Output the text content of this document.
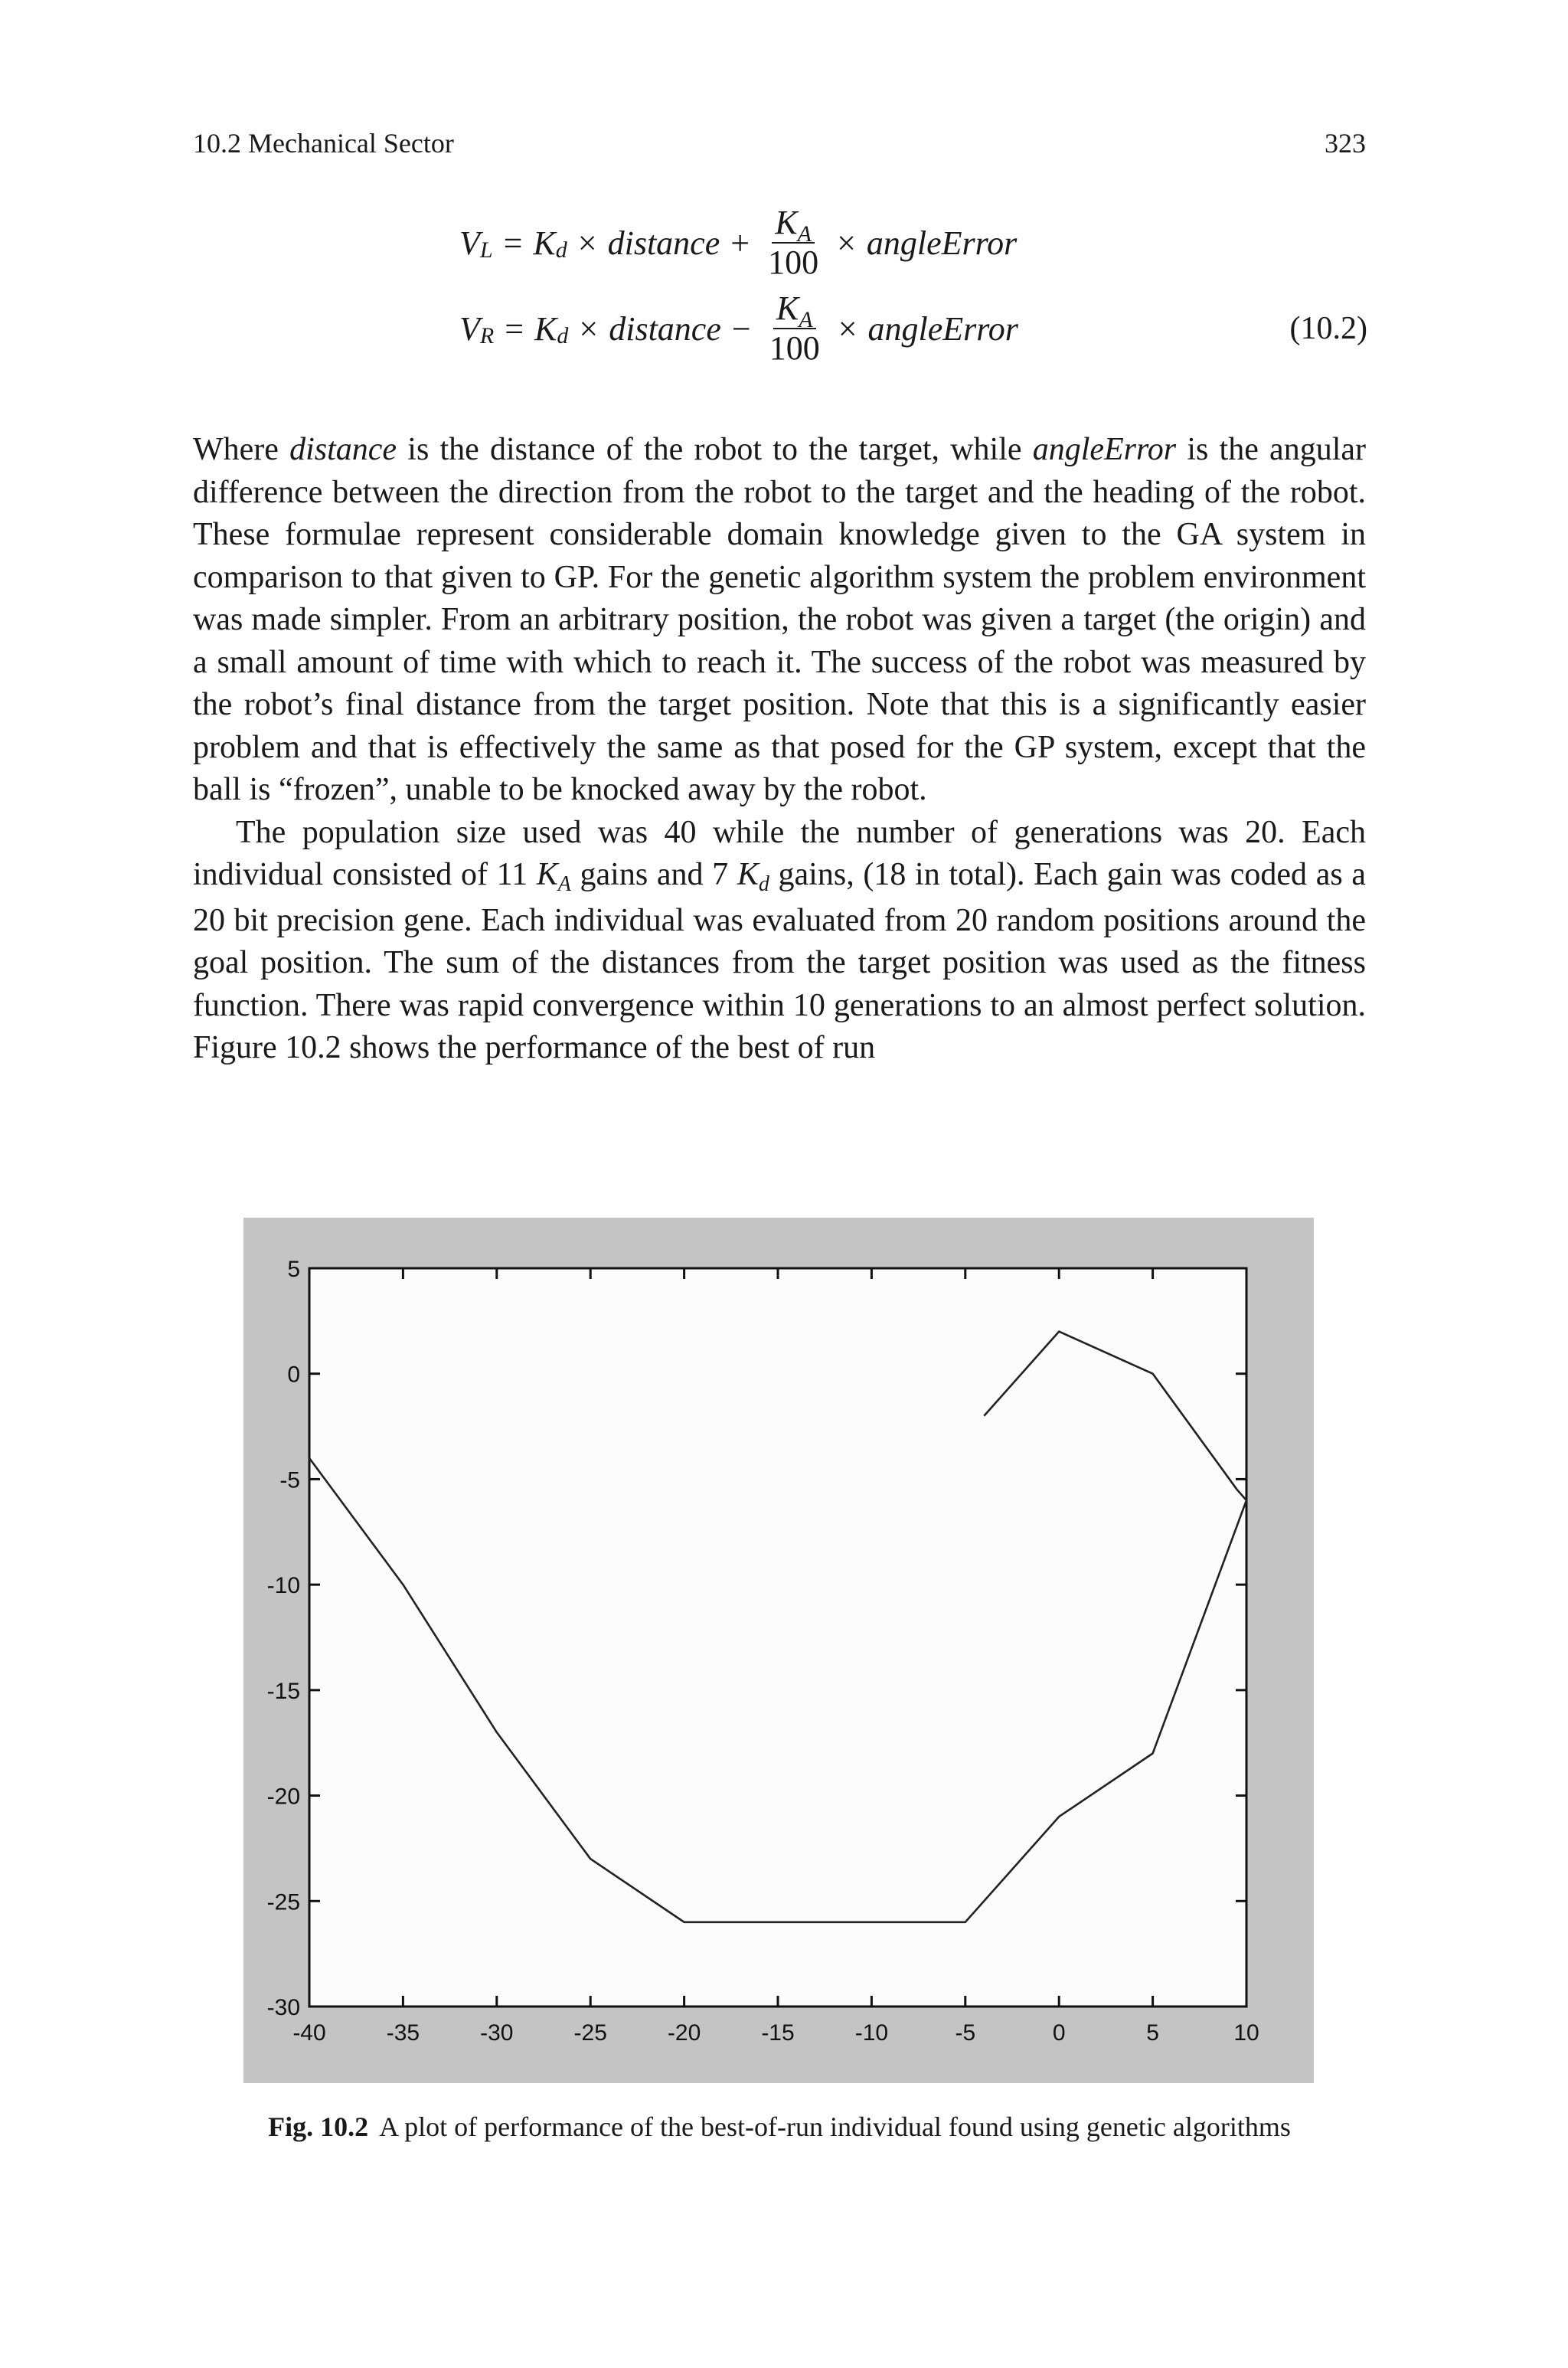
10.2 Mechanical Sector	323
V L = K d × distance + $\frac{K_A}{100}$ × angleError
V R = K d × distance − $\frac{K_A}{100}$ × angleError	(10.2)

Where distance is the distance of the robot to the target, while angleError is the angular difference between the direction from the robot to the target and the heading of the robot. These formulae represent considerable domain knowledge given to the GA system in comparison to that given to GP. For the genetic algorithm system the problem environment was made simpler. From an arbitrary position, the robot was given a target (the origin) and a small amount of time with which to reach it. The success of the robot was measured by the robot’s final distance from the target position. Note that this is a significantly easier problem and that is effectively the same as that posed for the GP system, except that the ball is “frozen”, unable to be knocked away by the robot.

The population size used was 40 while the number of generations was 20. Each individual consisted of 11 KA gains and 7 Kd gains, (18 in total). Each gain was coded as a 20 bit precision gene. Each individual was evaluated from 20 random positions around the goal position. The sum of the distances from the target position was used as the fitness function. There was rapid convergence within 10 generations to an almost perfect solution. Figure 10.2 shows the performance of the best of run

-40	-35	-30	-25	-20	-15	-10	-5	0	5	10
5
0
-5
-10
-15
-20
-25
-30
Fig. 10.2 A plot of performance of the best-of-run individual found using genetic algorithms
